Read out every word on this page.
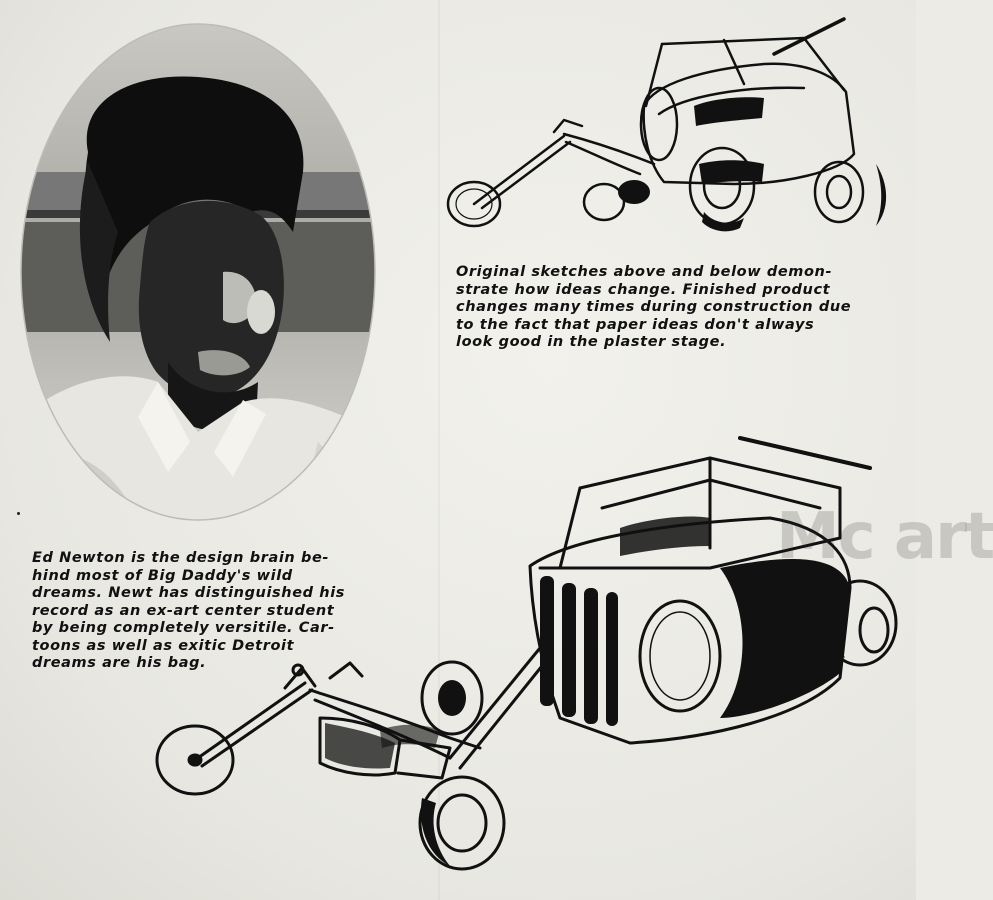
Mc art

Original sketches above and below demon-
strate how ideas change. Finished product
changes many times during construction due
to the fact that paper ideas don't always
look good in the plaster stage.

Ed Newton is the design brain be-
hind most of Big Daddy's wild
dreams. Newt has distinguished his
record as an ex-art center student
by being completely versitile. Car-
toons as well as exitic Detroit
dreams are his bag.
